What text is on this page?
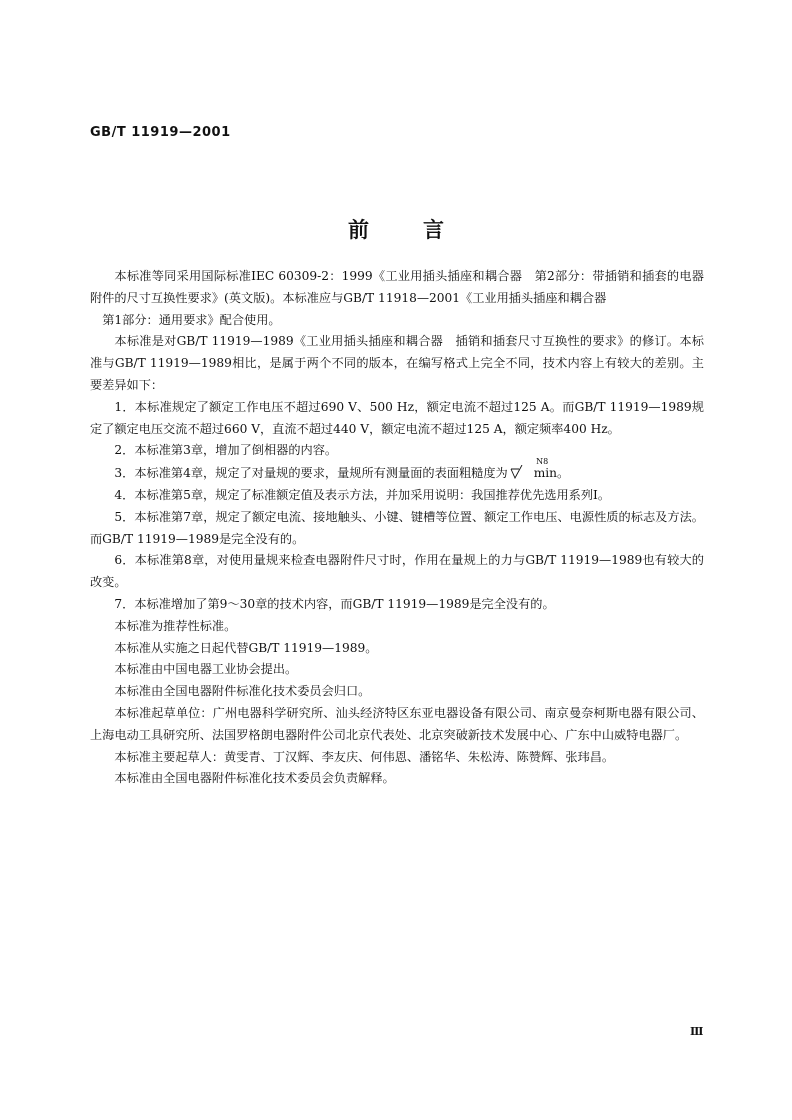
GB/T 11919—2001
前	言

本标准等同采用国际标准IEC 60309-2：1999《工业用插头插座和耦合器　第2部分：带插销和插套的电器附件的尺寸互换性要求》(英文版)。本标准应与GB/T 11918—2001《工业用插头插座和耦合器

第1部分：通用要求》配合使用。

本标准是对GB/T 11919—1989《工业用插头插座和耦合器　插销和插套尺寸互换性的要求》的修订。本标准与GB/T 11919—1989相比，是属于两个不同的版本，在编写格式上完全不同，技术内容上有较大的差别。主要差异如下：

1．本标准规定了额定工作电压不超过690 V、500 Hz，额定电流不超过125 A。而GB/T 11919—1989规定了额定电压交流不超过660 V，直流不超过440 V，额定电流不超过125 A，额定频率400 Hz。

2．本标准第3章，增加了倒相器的内容。

3．本标准第4章，规定了对量规的要求，量规所有测量面的表面粗糙度为
N8
min。

4．本标准第5章，规定了标准额定值及表示方法，并加采用说明：我国推荐优先选用系列Ⅰ。

5．本标准第7章，规定了额定电流、接地触头、小键、键槽等位置、额定工作电压、电源性质的标志及方法。而GB/T 11919—1989是完全没有的。

6．本标准第8章，对使用量规来检查电器附件尺寸时，作用在量规上的力与GB/T 11919—1989也有较大的改变。

7．本标准增加了第9～30章的技术内容，而GB/T 11919—1989是完全没有的。

本标准为推荐性标准。

本标准从实施之日起代替GB/T 11919—1989。

本标准由中国电器工业协会提出。

本标准由全国电器附件标准化技术委员会归口。

本标准起草单位：广州电器科学研究所、汕头经济特区东亚电器设备有限公司、南京曼奈柯斯电器有限公司、上海电动工具研究所、法国罗格朗电器附件公司北京代表处、北京突破新技术发展中心、广东中山威特电器厂。

本标准主要起草人：黄雯青、丁汉辉、李友庆、何伟恩、潘铭华、朱松涛、陈赞辉、张玮昌。

本标准由全国电器附件标准化技术委员会负责解释。

Ⅲ
